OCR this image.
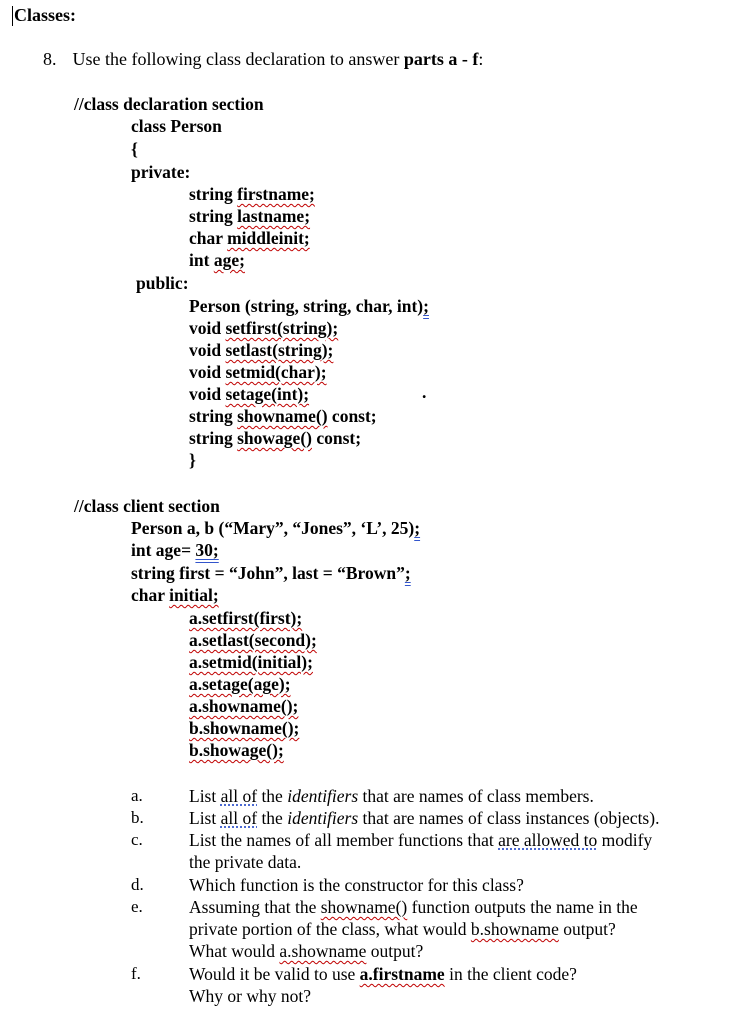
Classes:
8. Use the following class declaration to answer parts a - f:
//class declaration section
class Person
{
private:
string firstname;
string lastname;
char middleinit;
int age;
public:
Person (string, string, char, int);
void setfirst(string);
void setlast(string);
void setmid(char);
void setage(int);
string showname() const;
string showage() const;
}
.
//class client section
Person a, b (“Mary”, “Jones”, ‘L’, 25);
int age= 30;
string first = “John”, last = “Brown”;
char initial;
a.setfirst(first);
a.setlast(second);
a.setmid(initial);
a.setage(age);
a.showname();
b.showname();
b.showage();
a.	List all of the identifiers that are names of class members.
b.	List all of the identifiers that are names of class instances (objects).
c.	List the names of all member functions that are allowed to modify
the private data.
d.	Which function is the constructor for this class?
e.	Assuming that the showname() function outputs the name in the
private portion of the class, what would b.showname output?
What would a.showname output?
f.	Would it be valid to use a.firstname in the client code?
Why or why not?
